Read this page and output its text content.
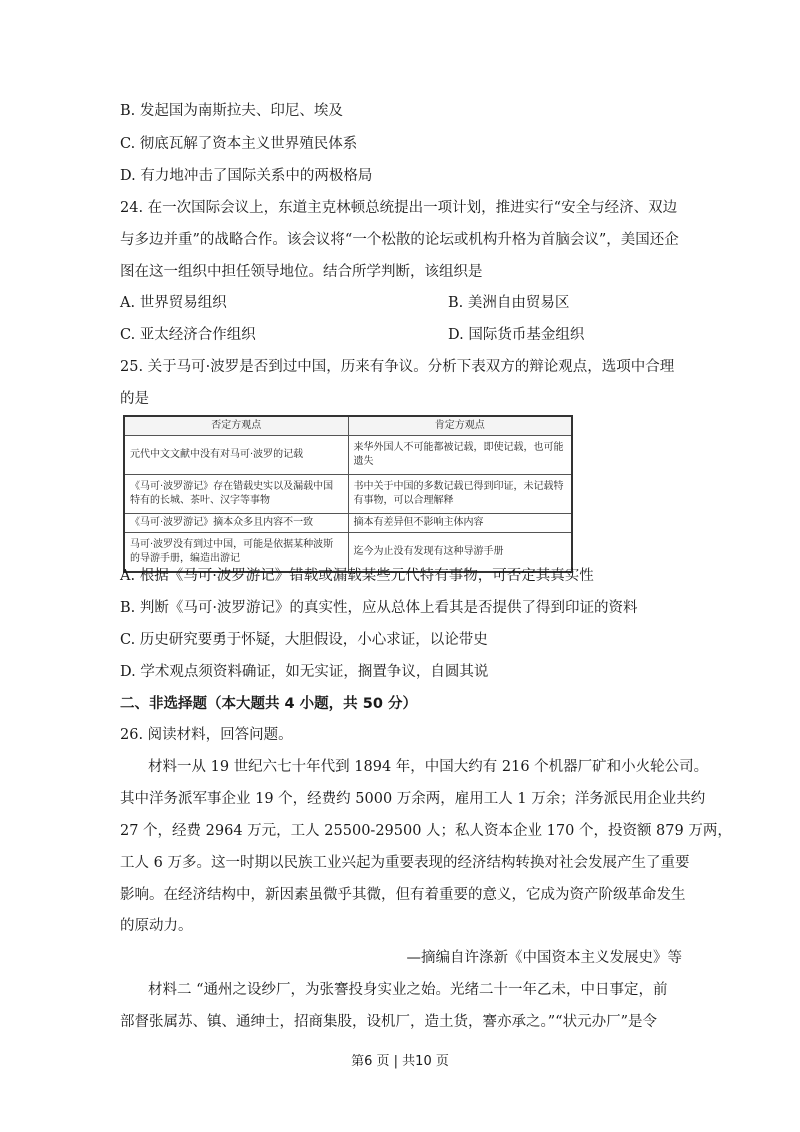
B. 发起国为南斯拉夫、印尼、埃及
C. 彻底瓦解了资本主义世界殖民体系
D. 有力地冲击了国际关系中的两极格局
24. 在一次国际会议上，东道主克林顿总统提出一项计划，推进实行“安全与经济、双边
与多边并重”的战略合作。该会议将“一个松散的论坛或机构升格为首脑会议”，美国还企
图在这一组织中担任领导地位。结合所学判断，该组织是
A. 世界贸易组织	B. 美洲自由贸易区
C. 亚太经济合作组织	D. 国际货币基金组织
25. 关于马可·波罗是否到过中国，历来有争议。分析下表双方的辩论观点，选项中合理
的是
否定方观点	肯定方观点
元代中文文献中没有对马可·波罗的记载	来华外国人不可能都被记载，即使记载，也可能遗失
《马可·波罗游记》存在错载史实以及漏载中国特有的长城、茶叶、汉字等事物	书中关于中国的多数记载已得到印证，未记载特有事物，可以合理解释
《马可·波罗游记》摘本众多且内容不一致	摘本有差异但不影响主体内容
马可·波罗没有到过中国，可能是依据某种波斯的导游手册，编造出游记	迄今为止没有发现有这种导游手册
A. 根据《马可·波罗游记》错载或漏载某些元代特有事物，可否定其真实性
B. 判断《马可·波罗游记》的真实性，应从总体上看其是否提供了得到印证的资料
C. 历史研究要勇于怀疑，大胆假设，小心求证，以论带史
D. 学术观点须资料确证，如无实证，搁置争议，自圆其说
二、非选择题（本大题共 4 小题，共 50 分）
26. 阅读材料，回答问题。
材料一从 19 世纪六七十年代到 1894 年，中国大约有 216 个机器厂矿和小火轮公司。
其中洋务派军事企业 19 个，经费约 5000 万余两，雇用工人 1 万余；洋务派民用企业共约
27 个，经费 2964 万元，工人 25500-29500 人；私人资本企业 170 个，投资额 879 万两，
工人 6 万多。这一时期以民族工业兴起为重要表现的经济结构转换对社会发展产生了重要
影响。在经济结构中，新因素虽微乎其微，但有着重要的意义，它成为资产阶级革命发生
的原动力。
—摘编自许涤新《中国资本主义发展史》等
材料二 “通州之设纱厂，为张謇投身实业之始。光绪二十一年乙未，中日事定，前
部督张属苏、镇、通绅士，招商集股，设机厂，造土货，謇亦承之。”“状元办厂”是令
第6 页 | 共10 页
